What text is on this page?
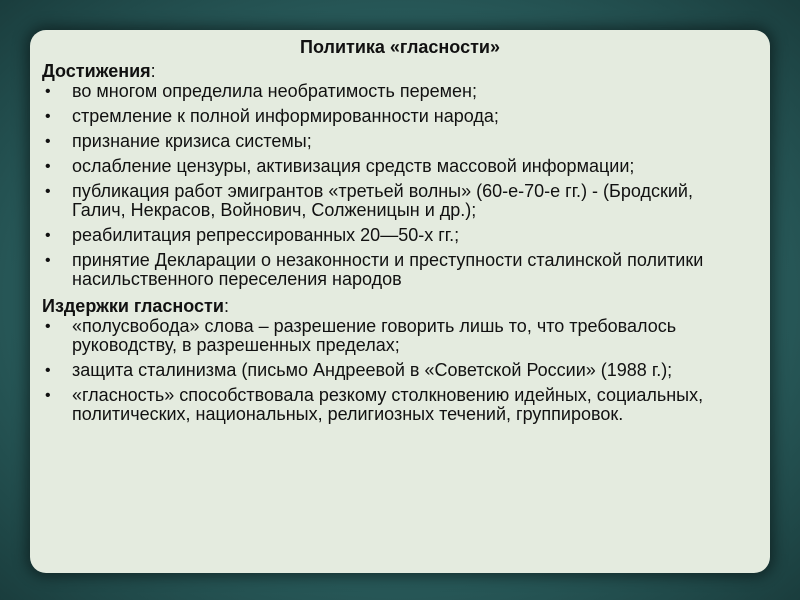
Политика «гласности»
Достижения:
• во многом определила необратимость перемен;
• стремление к полной информированности народа;
• признание кризиса системы;
• ослабление цензуры, активизация средств массовой информации;
• публикация работ эмигрантов «третьей волны» (60-е-70-е гг.) - (Бродский, Галич, Некрасов, Войнович, Солженицын и др.);
• реабилитация репрессированных 20—50-х гг.;
• принятие Декларации о незаконности и преступности сталинской политики насильственного переселения народов
Издержки гласности:
• «полусвобода» слова – разрешение говорить лишь то, что требовалось руководству, в разрешенных пределах;
• защита сталинизма (письмо Андреевой в «Советской России» (1988 г.);
• «гласность» способствовала резкому столкновению идейных, социальных, политических, национальных, религиозных течений, группировок.
